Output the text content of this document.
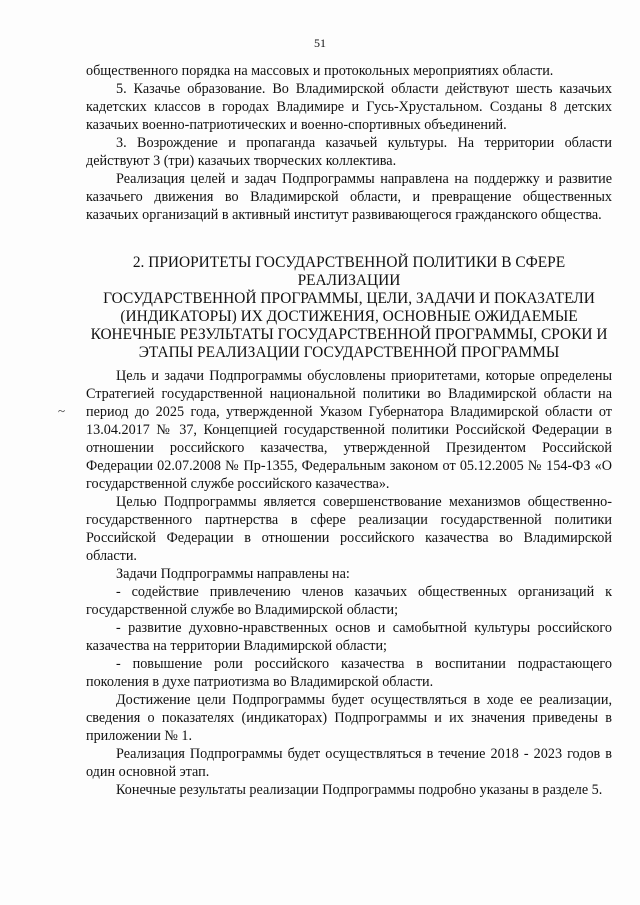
51
~

общественного порядка на массовых и протокольных мероприятиях области.

5. Казачье образование. Во Владимирской области действуют шесть казачьих кадетских классов в городах Владимире и Гусь-Хрустальном. Созданы 8 детских казачьих военно-патриотических и военно-спортивных объединений.

3. Возрождение и пропаганда казачьей культуры. На территории области действуют 3 (три) казачьих творческих коллектива.

Реализация целей и задач Подпрограммы направлена на поддержку и развитие казачьего движения во Владимирской области, и превращение общественных казачьих организаций в активный институт развивающегося гражданского общества.

2. ПРИОРИТЕТЫ ГОСУДАРСТВЕННОЙ ПОЛИТИКИ В СФЕРЕ РЕАЛИЗАЦИИ
ГОСУДАРСТВЕННОЙ ПРОГРАММЫ, ЦЕЛИ, ЗАДАЧИ И ПОКАЗАТЕЛИ
(ИНДИКАТОРЫ) ИХ ДОСТИЖЕНИЯ, ОСНОВНЫЕ ОЖИДАЕМЫЕ
КОНЕЧНЫЕ РЕЗУЛЬТАТЫ ГОСУДАРСТВЕННОЙ ПРОГРАММЫ, СРОКИ И
ЭТАПЫ РЕАЛИЗАЦИИ ГОСУДАРСТВЕННОЙ ПРОГРАММЫ

Цель и задачи Подпрограммы обусловлены приоритетами, которые определены Стратегией государственной национальной политики во Владимирской области на период до 2025 года, утвержденной Указом Губернатора Владимирской области от 13.04.2017 № 37, Концепцией государственной политики Российской Федерации в отношении российского казачества, утвержденной Президентом Российской Федерации 02.07.2008 № Пр-1355, Федеральным законом от 05.12.2005 № 154-ФЗ «О государственной службе российского казачества».

Целью Подпрограммы является совершенствование механизмов общественно-государственного партнерства в сфере реализации государственной политики Российской Федерации в отношении российского казачества во Владимирской области.

Задачи Подпрограммы направлены на:

- содействие привлечению членов казачьих общественных организаций к государственной службе во Владимирской области;

- развитие духовно-нравственных основ и самобытной культуры российского казачества на территории Владимирской области;

- повышение роли российского казачества в воспитании подрастающего поколения в духе патриотизма во Владимирской области.

Достижение цели Подпрограммы будет осуществляться в ходе ее реализации, сведения о показателях (индикаторах) Подпрограммы и их значения приведены в приложении № 1.

Реализация Подпрограммы будет осуществляться в течение 2018 - 2023 годов в один основной этап.

Конечные результаты реализации Подпрограммы подробно указаны в разделе 5.
